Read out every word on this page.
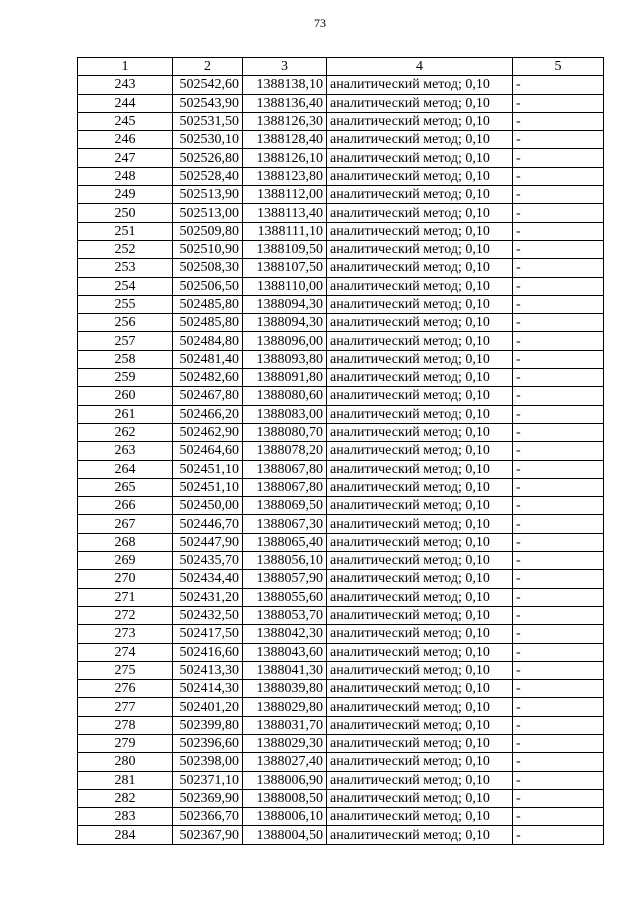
73
1	2	3	4	5
243	502542,60	1388138,10	аналитический метод; 0,10	-
244	502543,90	1388136,40	аналитический метод; 0,10	-
245	502531,50	1388126,30	аналитический метод; 0,10	-
246	502530,10	1388128,40	аналитический метод; 0,10	-
247	502526,80	1388126,10	аналитический метод; 0,10	-
248	502528,40	1388123,80	аналитический метод; 0,10	-
249	502513,90	1388112,00	аналитический метод; 0,10	-
250	502513,00	1388113,40	аналитический метод; 0,10	-
251	502509,80	1388111,10	аналитический метод; 0,10	-
252	502510,90	1388109,50	аналитический метод; 0,10	-
253	502508,30	1388107,50	аналитический метод; 0,10	-
254	502506,50	1388110,00	аналитический метод; 0,10	-
255	502485,80	1388094,30	аналитический метод; 0,10	-
256	502485,80	1388094,30	аналитический метод; 0,10	-
257	502484,80	1388096,00	аналитический метод; 0,10	-
258	502481,40	1388093,80	аналитический метод; 0,10	-
259	502482,60	1388091,80	аналитический метод; 0,10	-
260	502467,80	1388080,60	аналитический метод; 0,10	-
261	502466,20	1388083,00	аналитический метод; 0,10	-
262	502462,90	1388080,70	аналитический метод; 0,10	-
263	502464,60	1388078,20	аналитический метод; 0,10	-
264	502451,10	1388067,80	аналитический метод; 0,10	-
265	502451,10	1388067,80	аналитический метод; 0,10	-
266	502450,00	1388069,50	аналитический метод; 0,10	-
267	502446,70	1388067,30	аналитический метод; 0,10	-
268	502447,90	1388065,40	аналитический метод; 0,10	-
269	502435,70	1388056,10	аналитический метод; 0,10	-
270	502434,40	1388057,90	аналитический метод; 0,10	-
271	502431,20	1388055,60	аналитический метод; 0,10	-
272	502432,50	1388053,70	аналитический метод; 0,10	-
273	502417,50	1388042,30	аналитический метод; 0,10	-
274	502416,60	1388043,60	аналитический метод; 0,10	-
275	502413,30	1388041,30	аналитический метод; 0,10	-
276	502414,30	1388039,80	аналитический метод; 0,10	-
277	502401,20	1388029,80	аналитический метод; 0,10	-
278	502399,80	1388031,70	аналитический метод; 0,10	-
279	502396,60	1388029,30	аналитический метод; 0,10	-
280	502398,00	1388027,40	аналитический метод; 0,10	-
281	502371,10	1388006,90	аналитический метод; 0,10	-
282	502369,90	1388008,50	аналитический метод; 0,10	-
283	502366,70	1388006,10	аналитический метод; 0,10	-
284	502367,90	1388004,50	аналитический метод; 0,10	-
